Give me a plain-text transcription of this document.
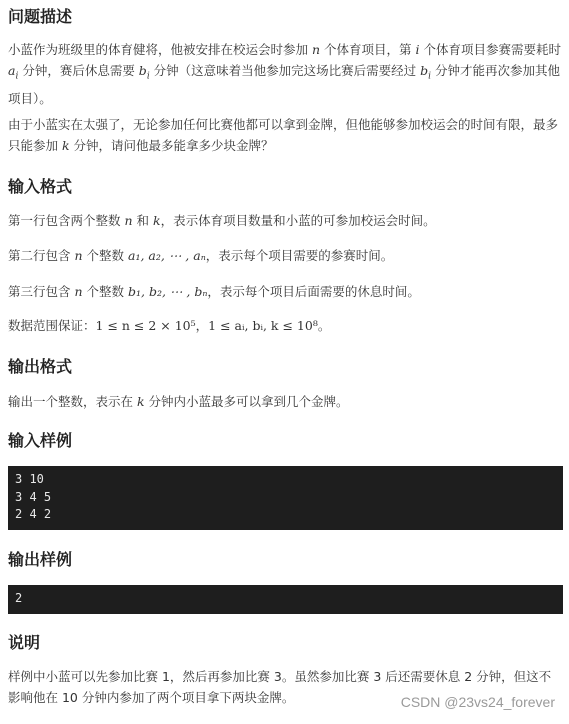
问题描述

小蓝作为班级里的体育健将，他被安排在校运会时参加 n 个体育项目，第 i 个体育项目参赛需要耗时 $a_i$ 分钟，赛后休息需要 $b_i$ 分钟（这意味着当他参加完这场比赛后需要经过 $b_i$ 分钟才能再次参加其他项目）。

由于小蓝实在太强了，无论参加任何比赛他都可以拿到金牌，但他能够参加校运会的时间有限，最多只能参加 k 分钟，请问他最多能拿多少块金牌？

输入格式

第一行包含两个整数 n 和 k，表示体育项目数量和小蓝的可参加校运会时间。

第二行包含 n 个整数 a₁, a₂, ⋯ , aₙ，表示每个项目需要的参赛时间。

第三行包含 n 个整数 b₁, b₂, ⋯ , bₙ，表示每个项目后面需要的休息时间。

数据范围保证：1 ≤ n ≤ 2 × 10⁵，1 ≤ aᵢ, bᵢ, k ≤ 10⁸。

输出格式

输出一个整数，表示在 k 分钟内小蓝最多可以拿到几个金牌。

输入样例
3 10
3 4 5
2 4 2
输出样例
2
说明

样例中小蓝可以先参加比赛 1，然后再参加比赛 3。虽然参加比赛 3 后还需要休息 2 分钟，但这不影响他在 10 分钟内参加了两个项目拿下两块金牌。	CSDN @23vs24_forever
